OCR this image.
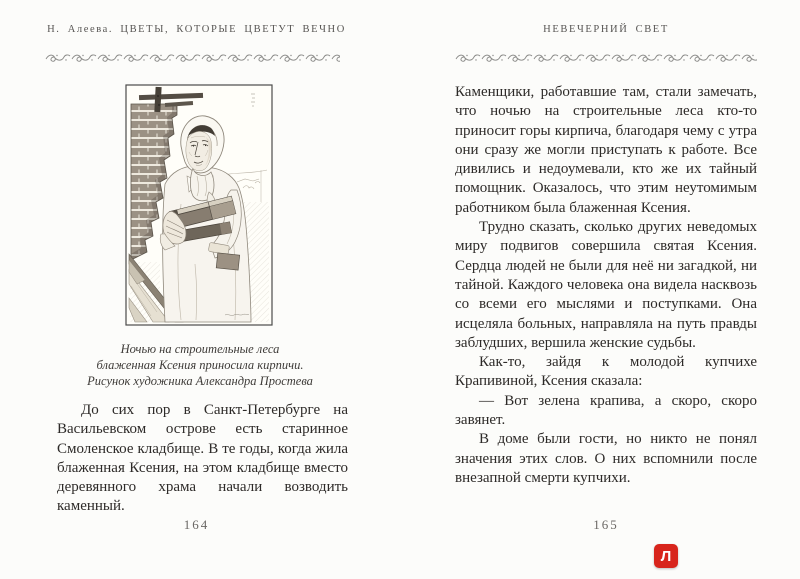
Н. Алеева. ЦВЕТЫ, КОТОРЫЕ ЦВЕТУТ ВЕЧНО
Ночью на строительные леса
блаженная Ксения приносила кирпичи.
Рисунок художника Александра Простева

До сих пор в Санкт-Петербурге на Васильевском острове есть старинное Смоленское кладбище. В те годы, когда жила блаженная Ксения, на этом кладбище вместо деревянного храма начали возводить каменный.

164
НЕВЕЧЕРНИЙ СВЕТ

Каменщики, работавшие там, стали замечать, что ночью на строительные леса кто-то приносит горы кирпича, благодаря чему с утра они сразу же могли приступать к работе. Все дивились и недоумевали, кто же их тайный помощник. Оказалось, что этим неутомимым работником была блаженная Ксения.

Трудно сказать, сколько других неведомых миру подвигов совершила святая Ксения. Сердца людей не были для неё ни загадкой, ни тайной. Каждого человека она видела насквозь со всеми его мыслями и поступками. Она исцеляла больных, направляла на путь правды заблудших, вершила женские судьбы.

Как-то, зайдя к молодой купчихе Крапивиной, Ксения сказала:

— Вот зелена крапива, а скоро, скоро завянет.

В доме были гости, но никто не понял значения этих слов. О них вспомнили после внезапной смерти купчихи.

165
Л
